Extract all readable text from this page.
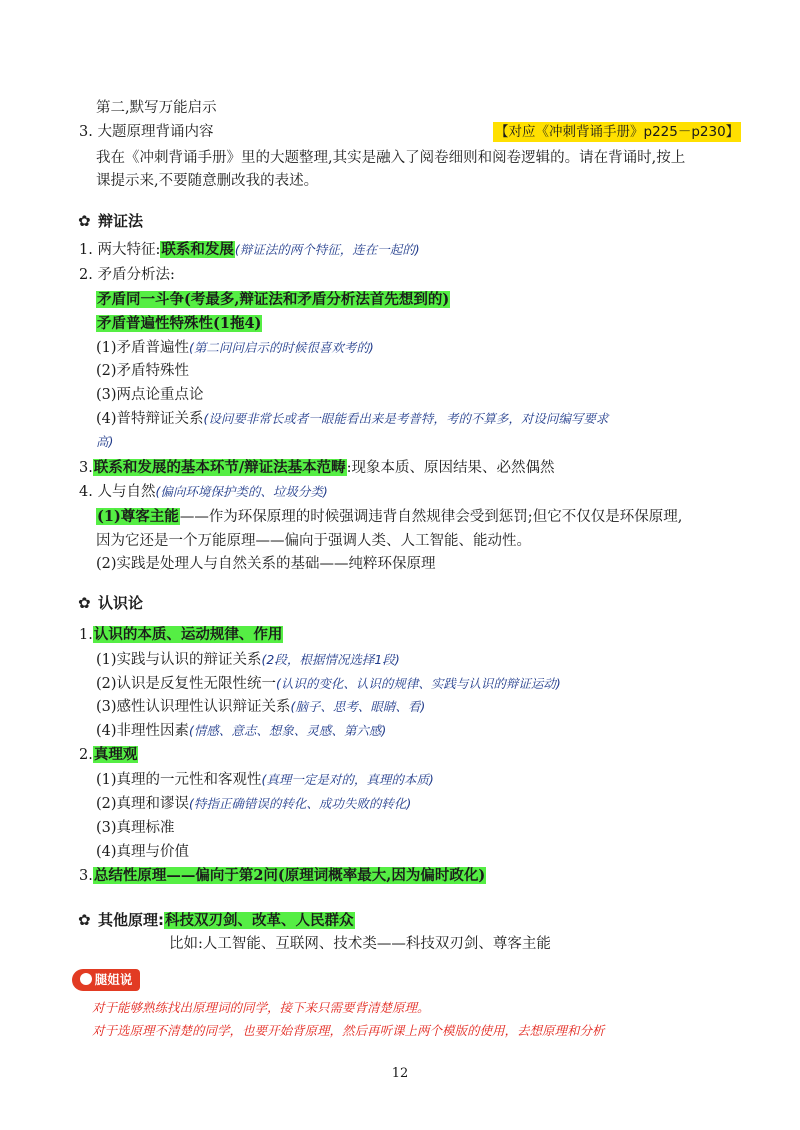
第二,默写万能启示
3. 大题原理背诵内容	【对应《冲刺背诵手册》p225－p230】
我在《冲刺背诵手册》里的大题整理,其实是融入了阅卷细则和阅卷逻辑的。请在背诵时,按上
课提示来,不要随意删改我的表述。
✿ 辩证法
1. 两大特征:联系和发展(辩证法的两个特征，连在一起的)
2. 矛盾分析法:
矛盾同一斗争(考最多,辩证法和矛盾分析法首先想到的)
矛盾普遍性特殊性(1拖4)
(1)矛盾普遍性(第二问问启示的时候很喜欢考的)
(2)矛盾特殊性
(3)两点论重点论
(4)普特辩证关系(设问要非常长或者一眼能看出来是考普特，考的不算多，对设问编写要求
高)
3.联系和发展的基本环节/辩证法基本范畴:现象本质、原因结果、必然偶然
4. 人与自然(偏向环境保护类的、垃圾分类)
(1)尊客主能——作为环保原理的时候强调违背自然规律会受到惩罚;但它不仅仅是环保原理,
因为它还是一个万能原理——偏向于强调人类、人工智能、能动性。
(2)实践是处理人与自然关系的基础——纯粹环保原理
✿ 认识论
1.认识的本质、运动规律、作用
(1)实践与认识的辩证关系(2段，根据情况选择1段)
(2)认识是反复性无限性统一(认识的变化、认识的规律、实践与认识的辩证运动)
(3)感性认识理性认识辩证关系(脑子、思考、眼睛、看)
(4)非理性因素(情感、意志、想象、灵感、第六感)
2.真理观
(1)真理的一元性和客观性(真理一定是对的，真理的本质)
(2)真理和谬误(特指正确错误的转化、成功失败的转化)
(3)真理标准
(4)真理与价值
3.总结性原理——偏向于第2问(原理词概率最大,因为偏时政化)
✿ 其他原理:科技双刃剑、改革、人民群众
比如:人工智能、互联网、技术类——科技双刃剑、尊客主能
腿姐说
对于能够熟练找出原理词的同学，接下来只需要背清楚原理。
对于选原理不清楚的同学，也要开始背原理，然后再听课上两个模版的使用，去想原理和分析
12
